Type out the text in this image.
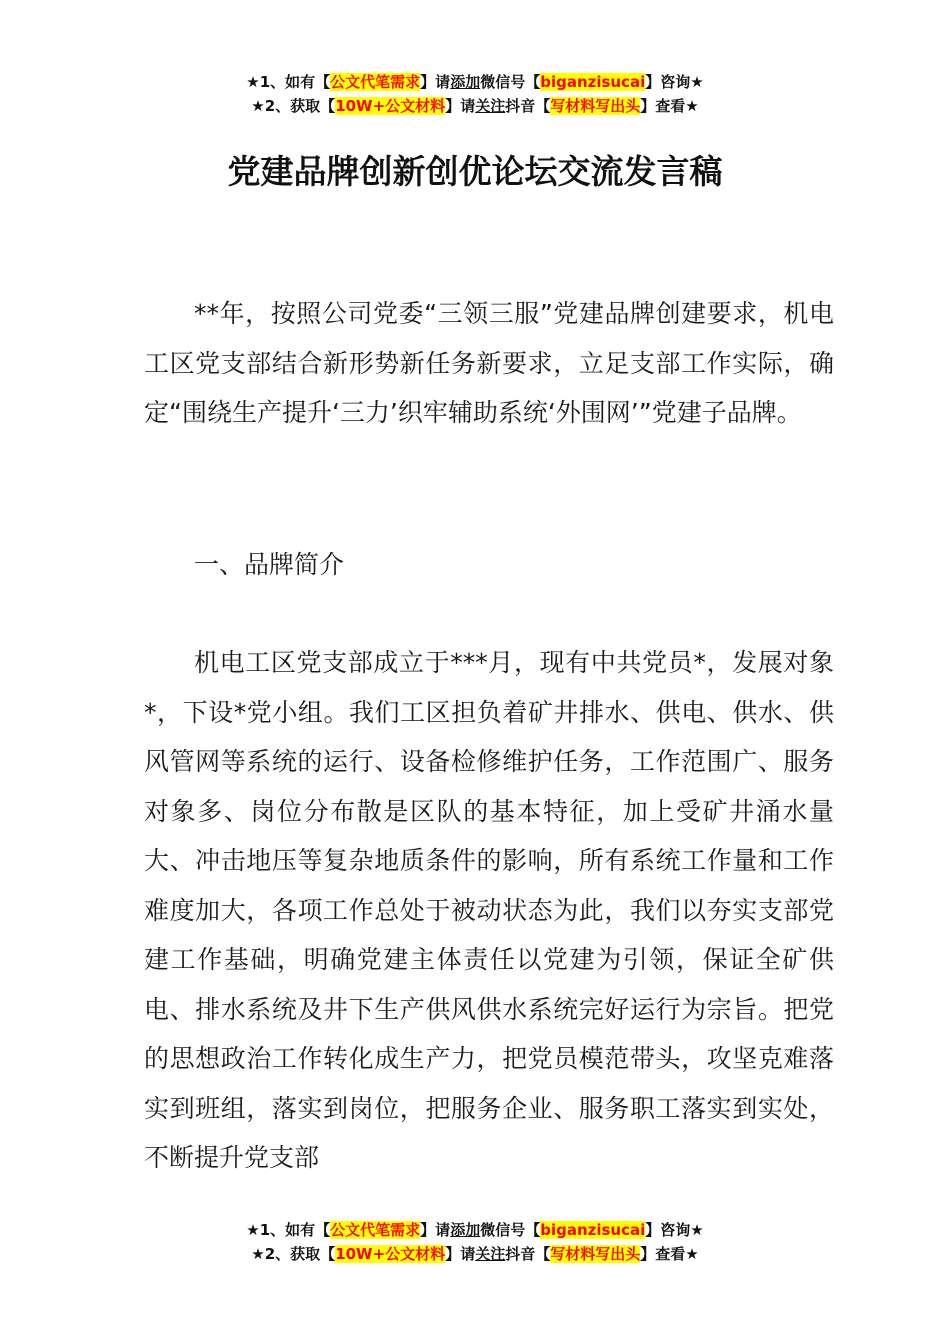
★1、如有【公文代笔需求】请添加微信号【biganzisucai】咨询★
★2、获取【10W+公文材料】请关注抖音【写材料写出头】查看★
党建品牌创新创优论坛交流发言稿

**年，按照公司党委“三领三服”党建品牌创建要求，机电工区党支部结合新形势新任务新要求，立足支部工作实际，确定“围绕生产提升‘三力’织牢辅助系统‘外围网’”党建子品牌。

一、品牌简介

机电工区党支部成立于***月，现有中共党员*，发展对象*，下设*党小组。我们工区担负着矿井排水、供电、供水、供风管网等系统的运行、设备检修维护任务，工作范围广、服务对象多、岗位分布散是区队的基本特征，加上受矿井涌水量大、冲击地压等复杂地质条件的影响，所有系统工作量和工作难度加大，各项工作总处于被动状态为此，我们以夯实支部党建工作基础，明确党建主体责任以党建为引领，保证全矿供电、排水系统及井下生产供风供水系统完好运行为宗旨。把党的思想政治工作转化成生产力，把党员模范带头，攻坚克难落实到班组，落实到岗位，把服务企业、服务职工落实到实处，不断提升党支部

★1、如有【公文代笔需求】请添加微信号【biganzisucai】咨询★
★2、获取【10W+公文材料】请关注抖音【写材料写出头】查看★
